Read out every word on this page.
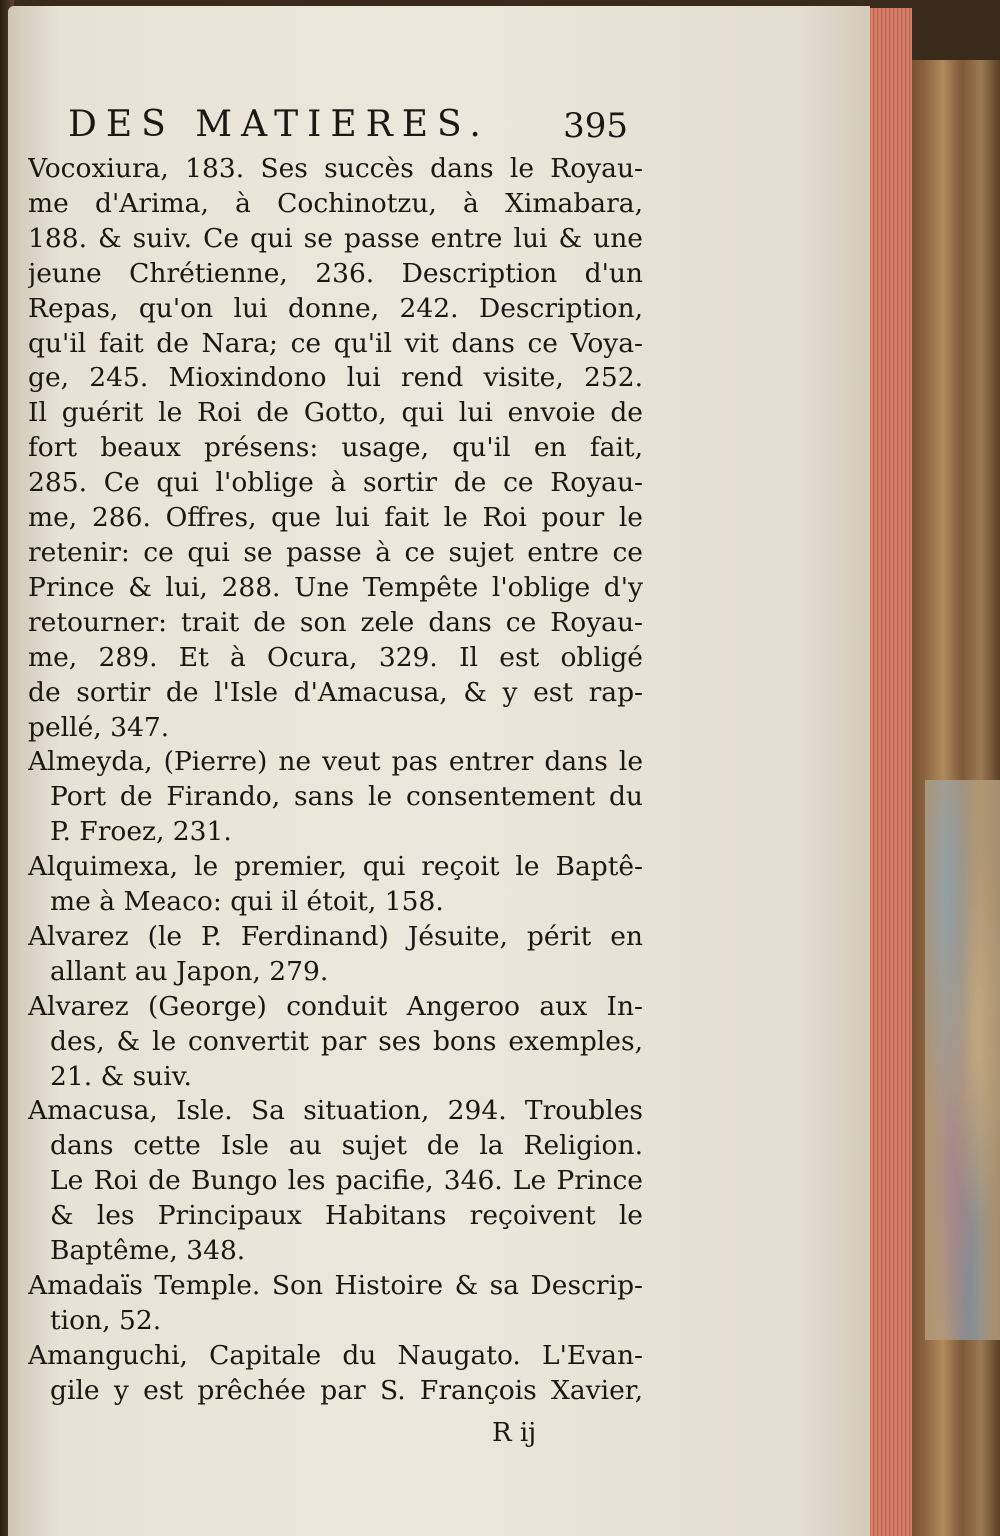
DES MATIERES. 395
Vocoxiura, 183. Ses succès dans le Royau-
me d'Arima, à Cochinotzu, à Ximabara,
188. & suiv. Ce qui se passe entre lui & une
jeune Chrétienne, 236. Description d'un
Repas, qu'on lui donne, 242. Description,
qu'il fait de Nara; ce qu'il vit dans ce Voya-
ge, 245. Mioxindono lui rend visite, 252.
Il guérit le Roi de Gotto, qui lui envoie de
fort beaux présens: usage, qu'il en fait,
285. Ce qui l'oblige à sortir de ce Royau-
me, 286. Offres, que lui fait le Roi pour le
retenir: ce qui se passe à ce sujet entre ce
Prince & lui, 288. Une Tempête l'oblige d'y
retourner: trait de son zele dans ce Royau-
me, 289. Et à Ocura, 329. Il est obligé
de sortir de l'Isle d'Amacusa, & y est rap-
pellé, 347.
Almeyda, (Pierre) ne veut pas entrer dans le
Port de Firando, sans le consentement du
P. Froez, 231.
Alquimexa, le premier, qui reçoit le Baptê-
me à Meaco: qui il étoit, 158.
Alvarez (le P. Ferdinand) Jésuite, périt en
allant au Japon, 279.
Alvarez (George) conduit Angeroo aux In-
des, & le convertit par ses bons exemples,
21. & suiv.
Amacusa, Isle. Sa situation, 294. Troubles
dans cette Isle au sujet de la Religion.
Le Roi de Bungo les pacifie, 346. Le Prince
& les Principaux Habitans reçoivent le
Baptême, 348.
Amadaïs Temple. Son Histoire & sa Descrip-
tion, 52.
Amanguchi, Capitale du Naugato. L'Evan-
gile y est prêchée par S. François Xavier,
R ij
